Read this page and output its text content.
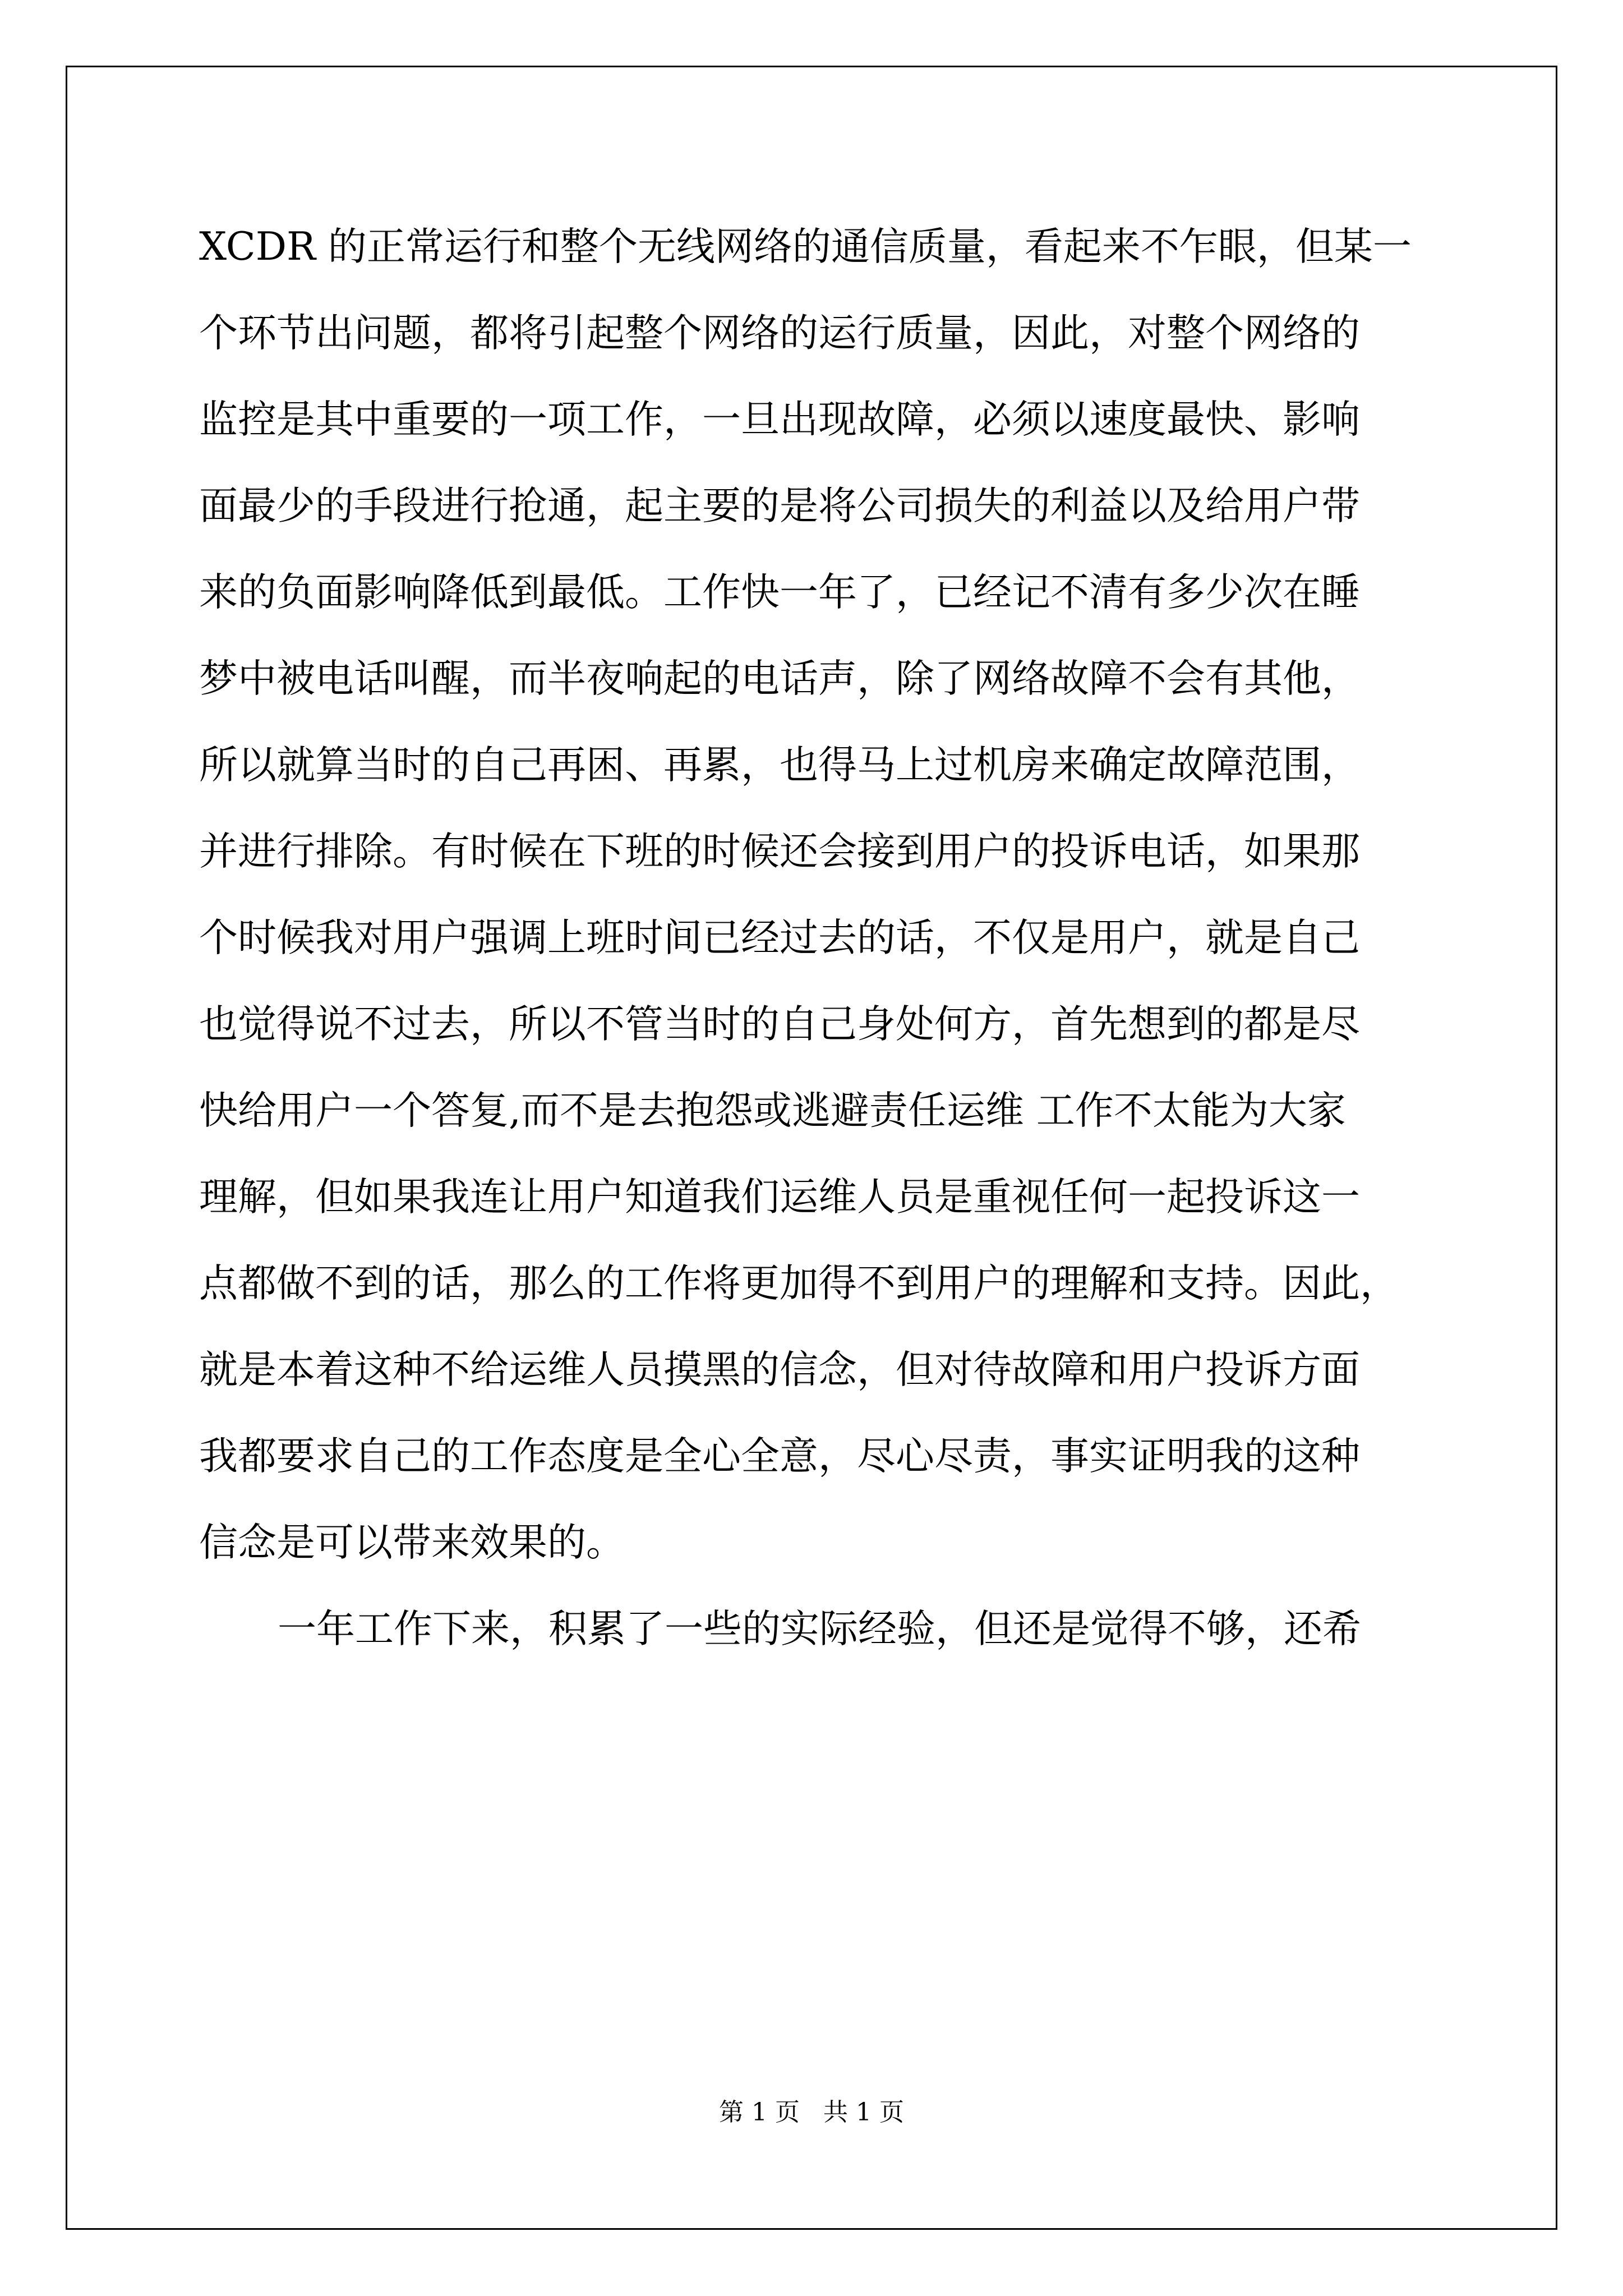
XCDR 的正常运行和整个无线网络的通信质量，看起来不乍眼，但某一
个环节出问题，都将引起整个网络的运行质量，因此，对整个网络的
监控是其中重要的一项工作，一旦出现故障，必须以速度最快、影响
面最少的手段进行抢通，起主要的是将公司损失的利益以及给用户带
来的负面影响降低到最低。工作快一年了，已经记不清有多少次在睡
梦中被电话叫醒，而半夜响起的电话声，除了网络故障不会有其他，
所以就算当时的自己再困、再累，也得马上过机房来确定故障范围，
并进行排除。有时候在下班的时候还会接到用户的投诉电话，如果那
个时候我对用户强调上班时间已经过去的话，不仅是用户，就是自己
也觉得说不过去，所以不管当时的自己身处何方，首先想到的都是尽
快给用户一个答复,而不是去抱怨或逃避责任运维 工作不太能为大家
理解，但如果我连让用户知道我们运维人员是重视任何一起投诉这一
点都做不到的话，那么的工作将更加得不到用户的理解和支持。因此，
就是本着这种不给运维人员摸黑的信念，但对待故障和用户投诉方面
我都要求自己的工作态度是全心全意，尽心尽责，事实证明我的这种
信念是可以带来效果的。
一年工作下来，积累了一些的实际经验，但还是觉得不够，还希
第 1 页   共 1 页
